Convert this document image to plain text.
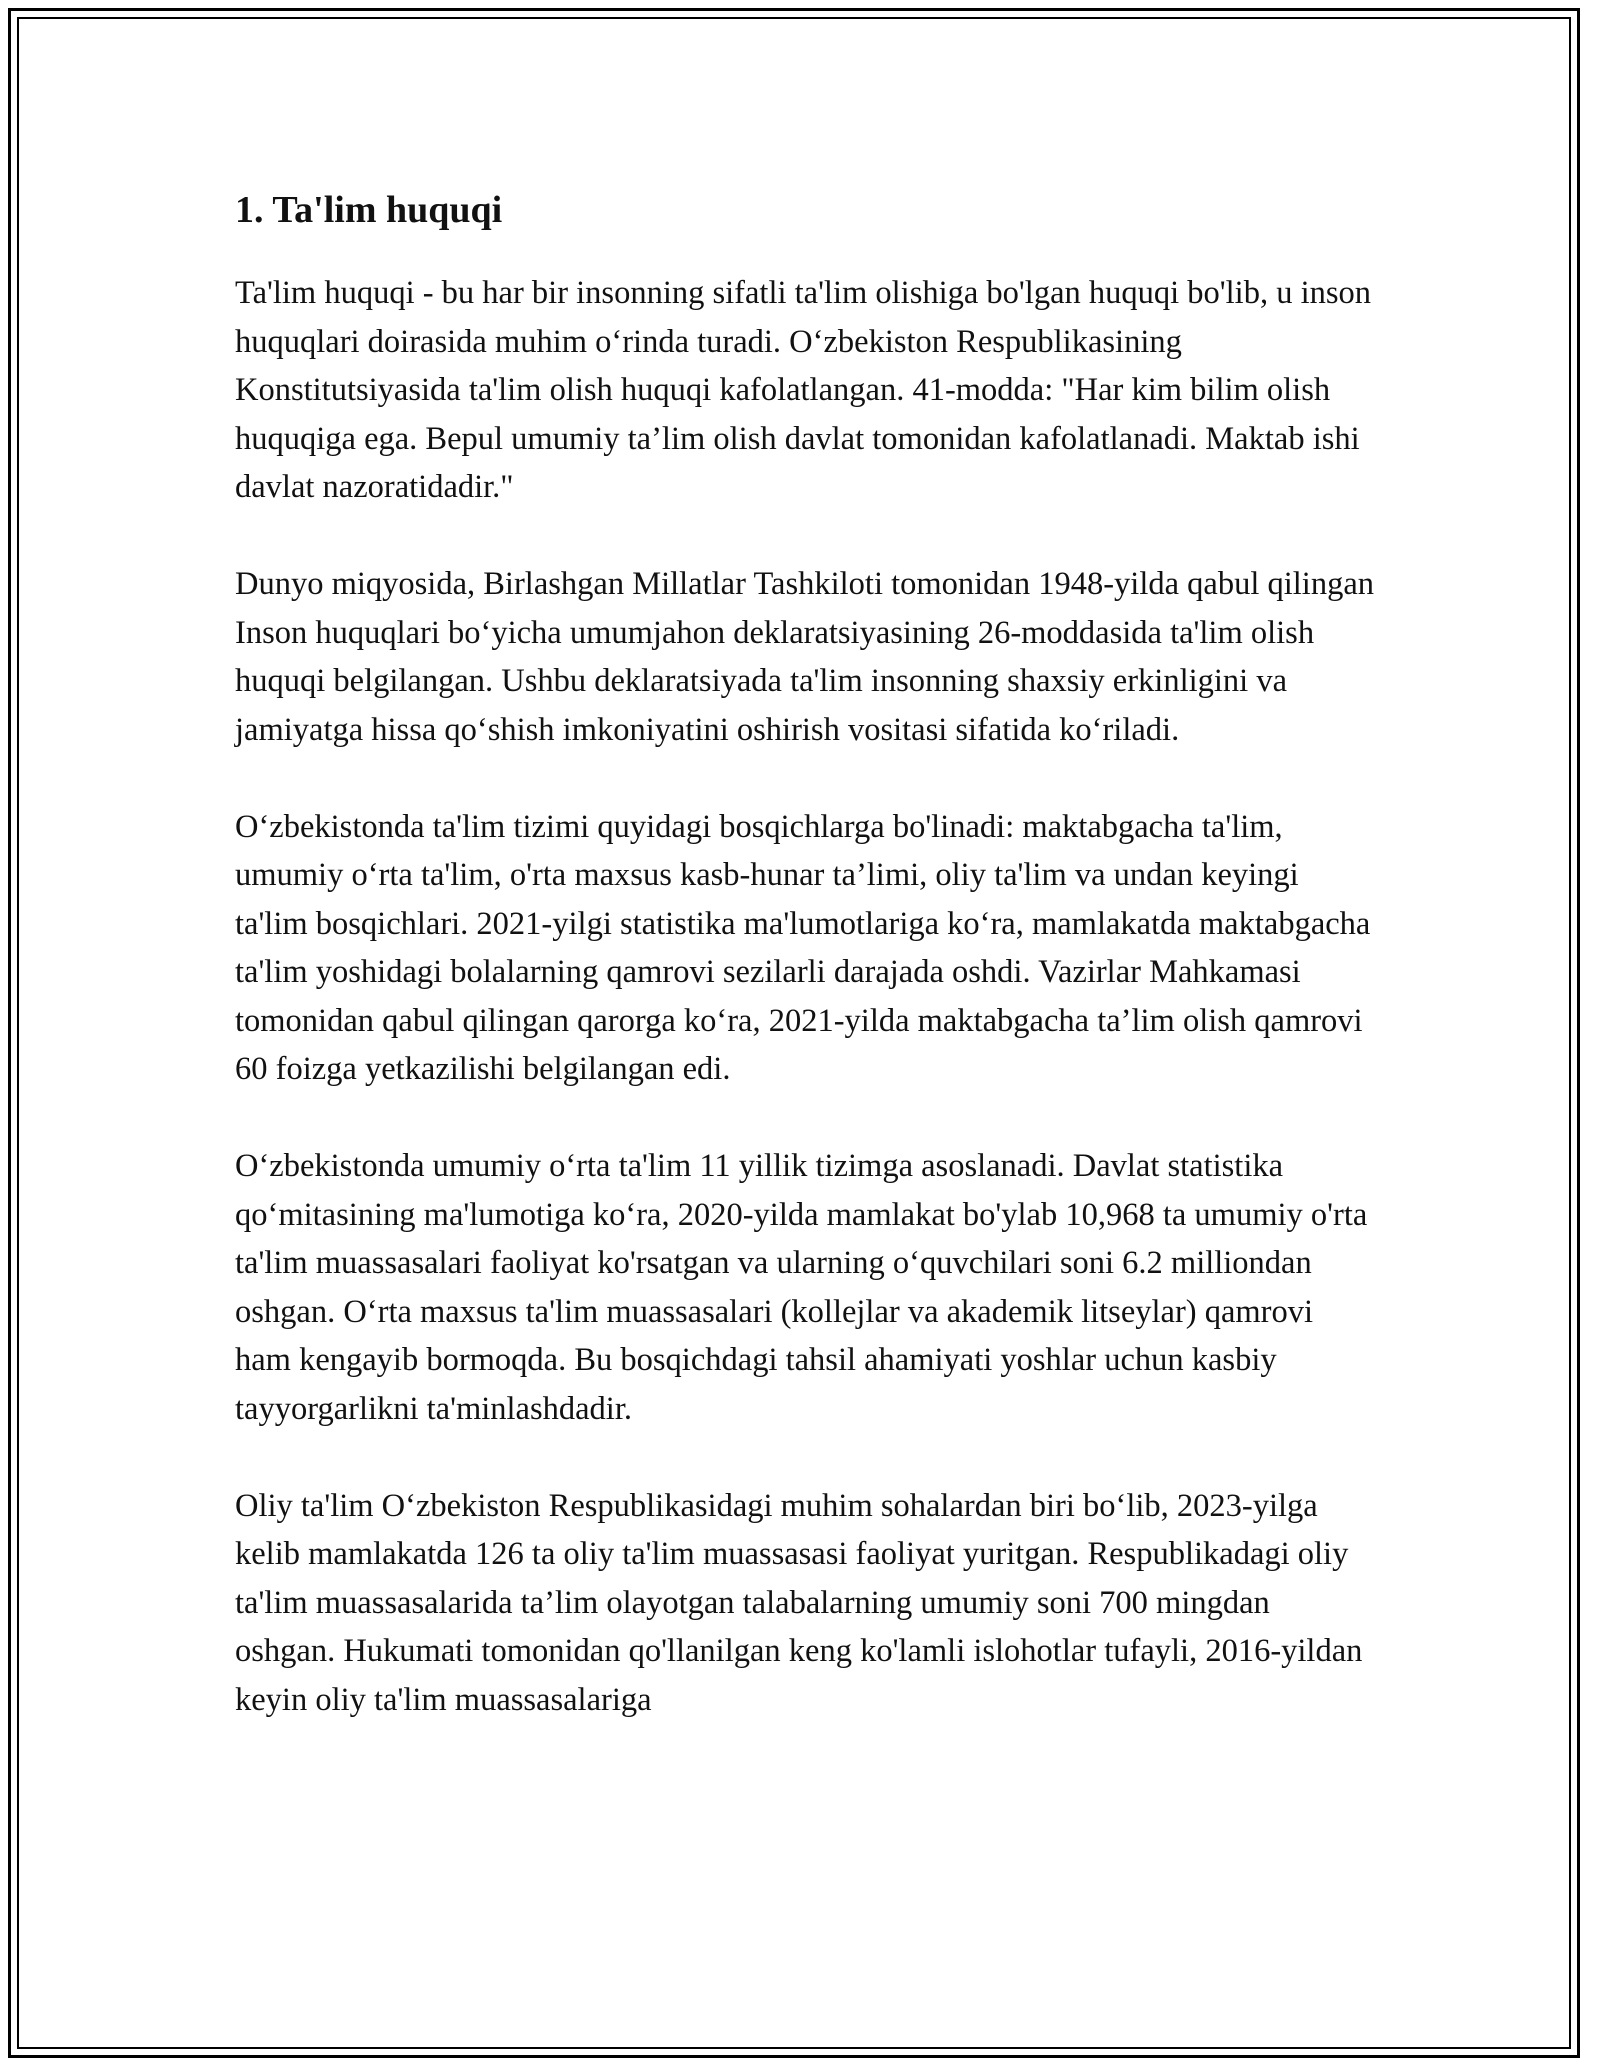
1. Ta'lim huquqi

Ta'lim huquqi - bu har bir insonning sifatli ta'lim olishiga bo'lgan huquqi bo'lib, u inson huquqlari doirasida muhim o‘rinda turadi. O‘zbekiston Respublikasining Konstitutsiyasida ta'lim olish huquqi kafolatlangan. 41-modda: "Har kim bilim olish huquqiga ega. Bepul umumiy ta’lim olish davlat tomonidan kafolatlanadi. Maktab ishi davlat nazoratidadir."

Dunyo miqyosida, Birlashgan Millatlar Tashkiloti tomonidan 1948-yilda qabul qilingan Inson huquqlari bo‘yicha umumjahon deklaratsiyasining 26-moddasida ta'lim olish huquqi belgilangan. Ushbu deklaratsiyada ta'lim insonning shaxsiy erkinligini va jamiyatga hissa qo‘shish imkoniyatini oshirish vositasi sifatida ko‘riladi.

O‘zbekistonda ta'lim tizimi quyidagi bosqichlarga bo'linadi: maktabgacha ta'lim, umumiy o‘rta ta'lim, o'rta maxsus kasb-hunar ta’limi, oliy ta'lim va undan keyingi ta'lim bosqichlari. 2021-yilgi statistika ma'lumotlariga ko‘ra, mamlakatda maktabgacha ta'lim yoshidagi bolalarning qamrovi sezilarli darajada oshdi. Vazirlar Mahkamasi tomonidan qabul qilingan qarorga ko‘ra, 2021-yilda maktabgacha ta’lim olish qamrovi 60 foizga yetkazilishi belgilangan edi.

O‘zbekistonda umumiy o‘rta ta'lim 11 yillik tizimga asoslanadi. Davlat statistika qo‘mitasining ma'lumotiga ko‘ra, 2020-yilda mamlakat bo'ylab 10,968 ta umumiy o'rta ta'lim muassasalari faoliyat ko'rsatgan va ularning o‘quvchilari soni 6.2 milliondan oshgan. O‘rta maxsus ta'lim muassasalari (kollejlar va akademik litseylar) qamrovi ham kengayib bormoqda. Bu bosqichdagi tahsil ahamiyati yoshlar uchun kasbiy tayyorgarlikni ta'minlashdadir.

Oliy ta'lim O‘zbekiston Respublikasidagi muhim sohalardan biri bo‘lib, 2023-yilga kelib mamlakatda 126 ta oliy ta'lim muassasasi faoliyat yuritgan. Respublikadagi oliy ta'lim muassasalarida ta’lim olayotgan talabalarning umumiy soni 700 mingdan oshgan. Hukumati tomonidan qo'llanilgan keng ko'lamli islohotlar tufayli, 2016-yildan keyin oliy ta'lim muassasalariga
